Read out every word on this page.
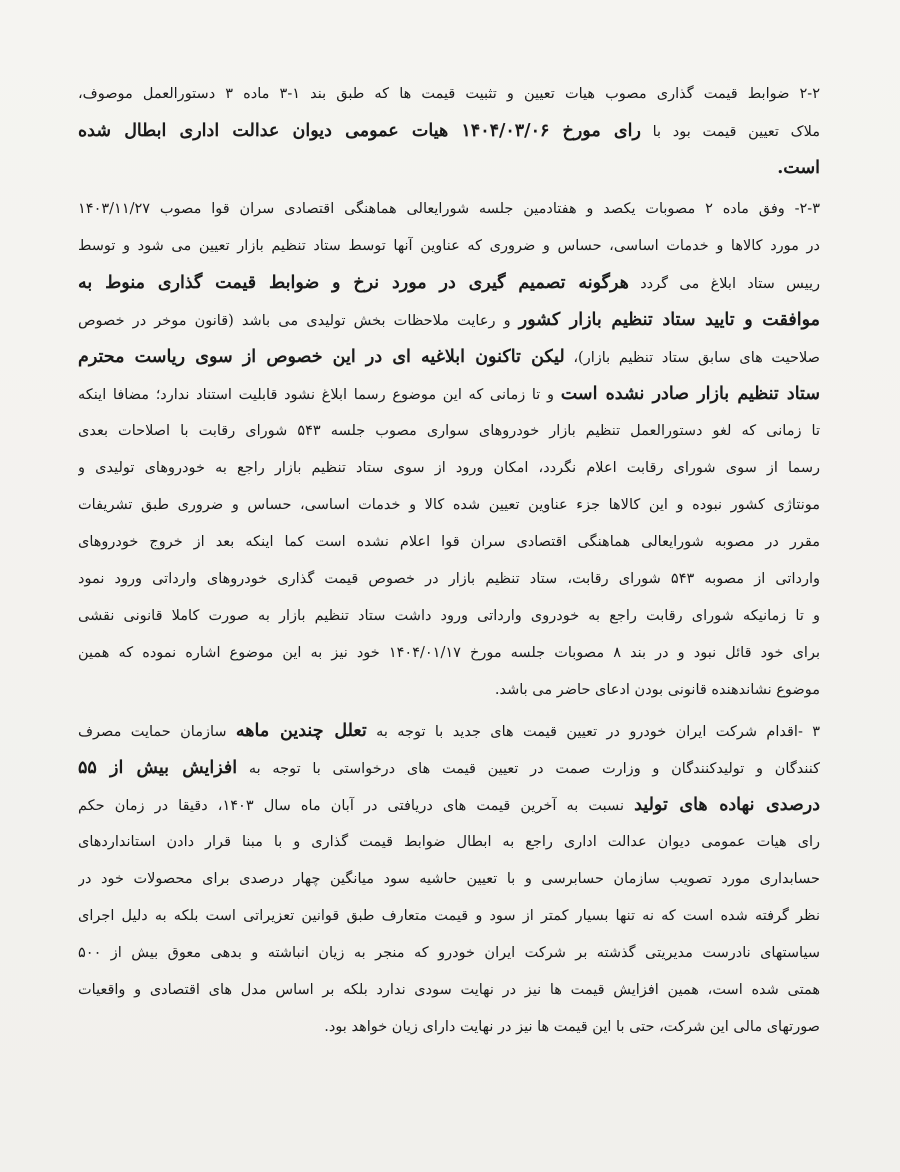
۲-۲ ضوابط قیمت گذاری مصوب هیات تعیین و تثبیت قیمت ها که طبق بند ۱-۳ ماده ۳ دستورالعمل موصوف،
ملاک تعیین قیمت بود با رای مورخ ۱۴۰۴/۰۳/۰۶ هیات عمومی دیوان عدالت اداری ابطال شده
است.
۲-۳- وفق ماده ۲ مصوبات یکصد و هفتادمین جلسه شورایعالی هماهنگی اقتصادی سران قوا مصوب ۱۴۰۳/۱۱/۲۷
در مورد کالاها و خدمات اساسی، حساس و ضروری که عناوین آنها توسط ستاد تنظیم بازار تعیین می شود و توسط
رییس ستاد ابلاغ می گردد هرگونه تصمیم گیری در مورد نرخ و ضوابط قیمت گذاری منوط به
موافقت و تایید ستاد تنظیم بازار کشور و رعایت ملاحظات بخش تولیدی می باشد (قانون موخر در خصوص
صلاحیت های سابق ستاد تنظیم بازار)، لیکن تاکنون ابلاغیه ای در این خصوص از سوی ریاست محترم
ستاد تنظیم بازار صادر نشده است و تا زمانی که این موضوع رسما ابلاغ نشود قابلیت استناد ندارد؛ مضافا اینکه
تا زمانی که لغو دستورالعمل تنظیم بازار خودروهای سواری مصوب جلسه ۵۴۳ شورای رقابت با اصلاحات بعدی
رسما از سوی شورای رقابت اعلام نگردد، امکان ورود از سوی ستاد تنظیم بازار راجع به خودروهای تولیدی و
مونتاژی کشور نبوده و این کالاها جزء عناوین تعیین شده کالا و خدمات اساسی، حساس و ضروری طبق تشریفات
مقرر در مصوبه شورایعالی هماهنگی اقتصادی سران قوا اعلام نشده است کما اینکه بعد از خروج خودروهای
وارداتی از مصوبه ۵۴۳ شورای رقابت، ستاد تنظیم بازار در خصوص قیمت گذاری خودروهای وارداتی ورود نمود
و تا زمانیکه شورای رقابت راجع به خودروی وارداتی ورود داشت ستاد تنظیم بازار به صورت کاملا قانونی نقشی
برای خود قائل نبود و در بند ۸ مصوبات جلسه مورخ ۱۴۰۴/۰۱/۱۷ خود نیز به این موضوع اشاره نموده که همین
موضوع نشاندهنده قانونی بودن ادعای حاضر می باشد.
۳ -اقدام شرکت ایران خودرو در تعیین قیمت های جدید با توجه به تعلل چندین ماهه سازمان حمایت مصرف
کنندگان و تولیدکنندگان و وزارت صمت در تعیین قیمت های درخواستی با توجه به افزایش بیش از ۵۵
درصدی نهاده های تولید نسبت به آخرین قیمت های دریافتی در آبان ماه سال ۱۴۰۳، دقیقا در زمان حکم
رای هیات عمومی دیوان عدالت اداری راجع به ابطال ضوابط قیمت گذاری و با مبنا قرار دادن استانداردهای
حسابداری مورد تصویب سازمان حسابرسی و با تعیین حاشیه سود میانگین چهار درصدی برای محصولات خود در
نظر گرفته شده است که نه تنها بسیار کمتر از سود و قیمت متعارف طبق قوانین تعزیراتی است بلکه به دلیل اجرای
سیاستهای نادرست مدیریتی گذشته بر شرکت ایران خودرو که منجر به زیان انباشته و بدهی معوق بیش از ۵۰۰
همتی شده است، همین افزایش قیمت ها نیز در نهایت سودی ندارد بلکه بر اساس مدل های اقتصادی و واقعیات
صورتهای مالی این شرکت، حتی با این قیمت ها نیز در نهایت دارای زیان خواهد بود.
